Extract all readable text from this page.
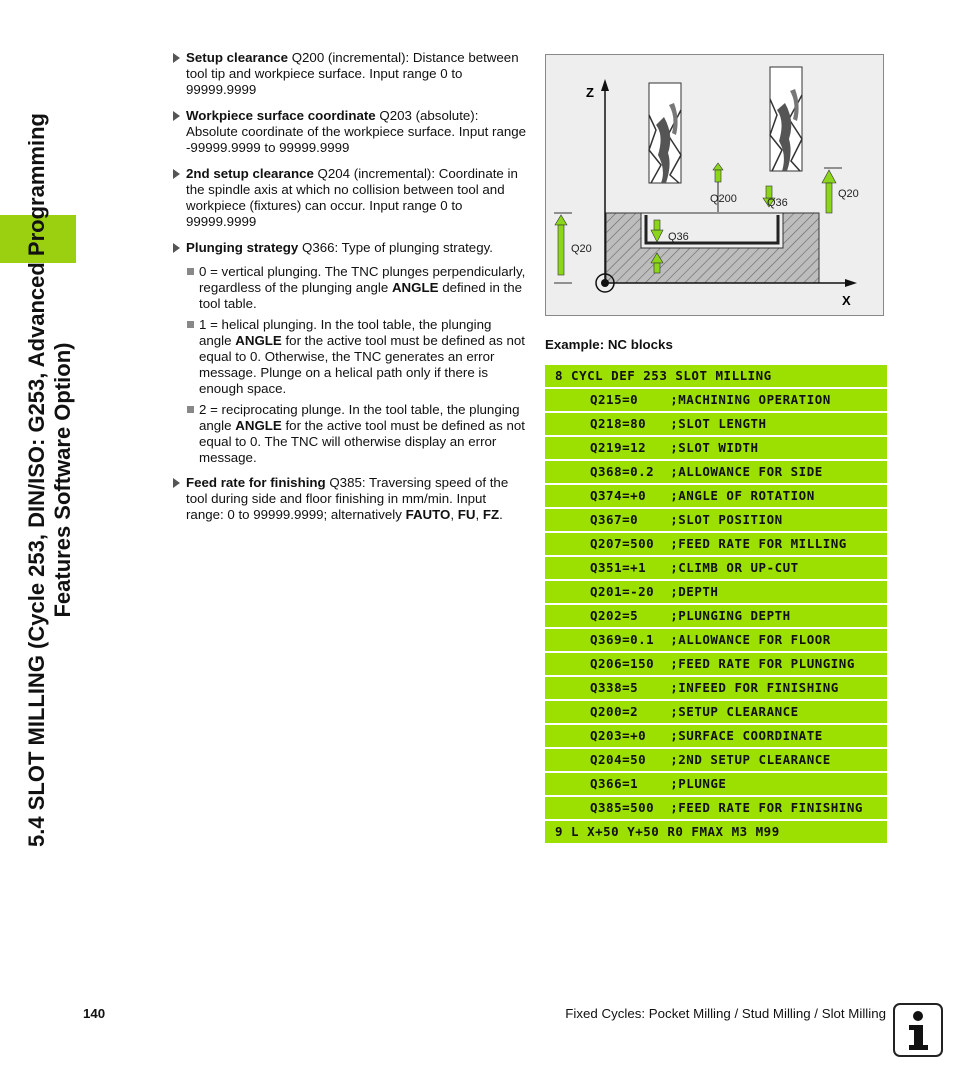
5.4 SLOT MILLING (Cycle 253, DIN/ISO: G253, Advanced Programming Features Software Option)
Setup clearance Q200 (incremental): Distance between tool tip and workpiece surface. Input range 0 to 99999.9999
Workpiece surface coordinate Q203 (absolute): Absolute coordinate of the workpiece surface. Input range -99999.9999 to 99999.9999
2nd setup clearance Q204 (incremental): Coordinate in the spindle axis at which no collision between tool and workpiece (fixtures) can occur. Input range 0 to 99999.9999
Plunging strategy Q366: Type of plunging strategy.
0 = vertical plunging. The TNC plunges perpendicularly, regardless of the plunging angle ANGLE defined in the tool table.
1 = helical plunging. In the tool table, the plunging angle ANGLE for the active tool must be defined as not equal to 0. Otherwise, the TNC generates an error message. Plunge on a helical path only if there is enough space.
2 = reciprocating plunge. In the tool table, the plunging angle ANGLE for the active tool must be defined as not equal to 0. The TNC will otherwise display an error message.
Feed rate for finishing Q385: Traversing speed of the tool during side and floor finishing in mm/min. Input range: 0 to 99999.9999; alternatively FAUTO, FU, FZ.
Z
X
Q200	Q36
Q20
Q36
Q20
Example: NC blocks
8 CYCL DEF 253 SLOT MILLING
Q215=0    ;MACHINING OPERATION
Q218=80   ;SLOT LENGTH
Q219=12   ;SLOT WIDTH
Q368=0.2  ;ALLOWANCE FOR SIDE
Q374=+0   ;ANGLE OF ROTATION
Q367=0    ;SLOT POSITION
Q207=500  ;FEED RATE FOR MILLING
Q351=+1   ;CLIMB OR UP-CUT
Q201=-20  ;DEPTH
Q202=5    ;PLUNGING DEPTH
Q369=0.1  ;ALLOWANCE FOR FLOOR
Q206=150  ;FEED RATE FOR PLUNGING
Q338=5    ;INFEED FOR FINISHING
Q200=2    ;SETUP CLEARANCE
Q203=+0   ;SURFACE COORDINATE
Q204=50   ;2ND SETUP CLEARANCE
Q366=1    ;PLUNGE
Q385=500  ;FEED RATE FOR FINISHING
9 L X+50 Y+50 R0 FMAX M3 M99
140	Fixed Cycles: Pocket Milling / Stud Milling / Slot Milling
